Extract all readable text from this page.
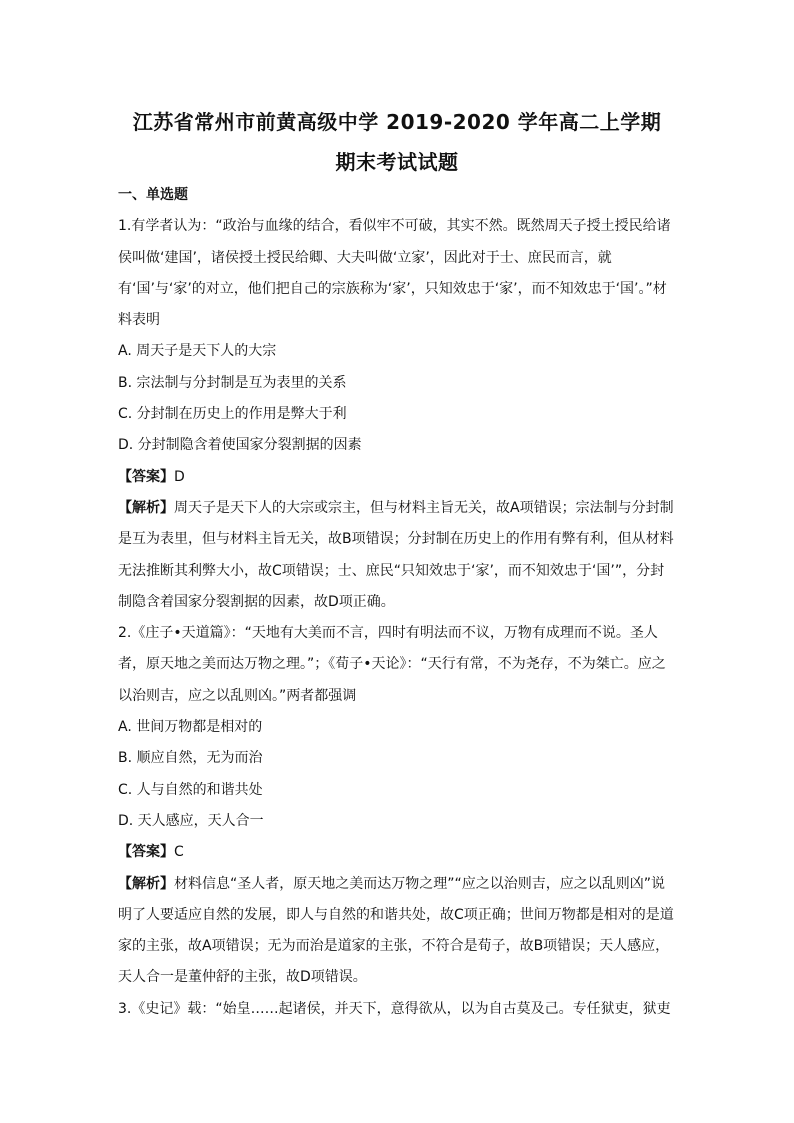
江苏省常州市前黄高级中学 2019-2020 学年高二上学期
期末考试试题

一、单选题

1.有学者认为：“政治与血缘的结合，看似牢不可破，其实不然。既然周天子授土授民给诸侯叫做‘建国’，诸侯授土授民给卿、大夫叫做‘立家’，因此对于士、庶民而言，就有‘国’与‘家’的对立，他们把自己的宗族称为‘家’，只知效忠于‘家’，而不知效忠于‘国’。”材料表明

A. 周天子是天下人的大宗

B. 宗法制与分封制是互为表里的关系

C. 分封制在历史上的作用是弊大于利

D. 分封制隐含着使国家分裂割据的因素

【答案】D

【解析】周天子是天下人的大宗或宗主，但与材料主旨无关，故A项错误；宗法制与分封制是互为表里，但与材料主旨无关，故B项错误；分封制在历史上的作用有弊有利，但从材料无法推断其利弊大小，故C项错误；士、庶民“只知效忠于‘家’，而不知效忠于‘国’”，分封制隐含着国家分裂割据的因素，故D项正确。

2.《庄子•天道篇》：“天地有大美而不言，四时有明法而不议，万物有成理而不说。圣人者，原天地之美而达万物之理。”；《荀子•天论》：“天行有常，不为尧存，不为桀亡。应之以治则吉，应之以乱则凶。”两者都强调

A. 世间万物都是相对的

B. 顺应自然，无为而治

C. 人与自然的和谐共处

D. 天人感应，天人合一

【答案】C

【解析】材料信息“圣人者，原天地之美而达万物之理”“应之以治则吉，应之以乱则凶”说明了人要适应自然的发展，即人与自然的和谐共处，故C项正确；世间万物都是相对的是道家的主张，故A项错误；无为而治是道家的主张，不符合是荀子，故B项错误；天人感应，天人合一是董仲舒的主张，故D项错误。

3.《史记》载：“始皇……起诸侯，并天下，意得欲从，以为自古莫及己。专任狱吏，狱吏
